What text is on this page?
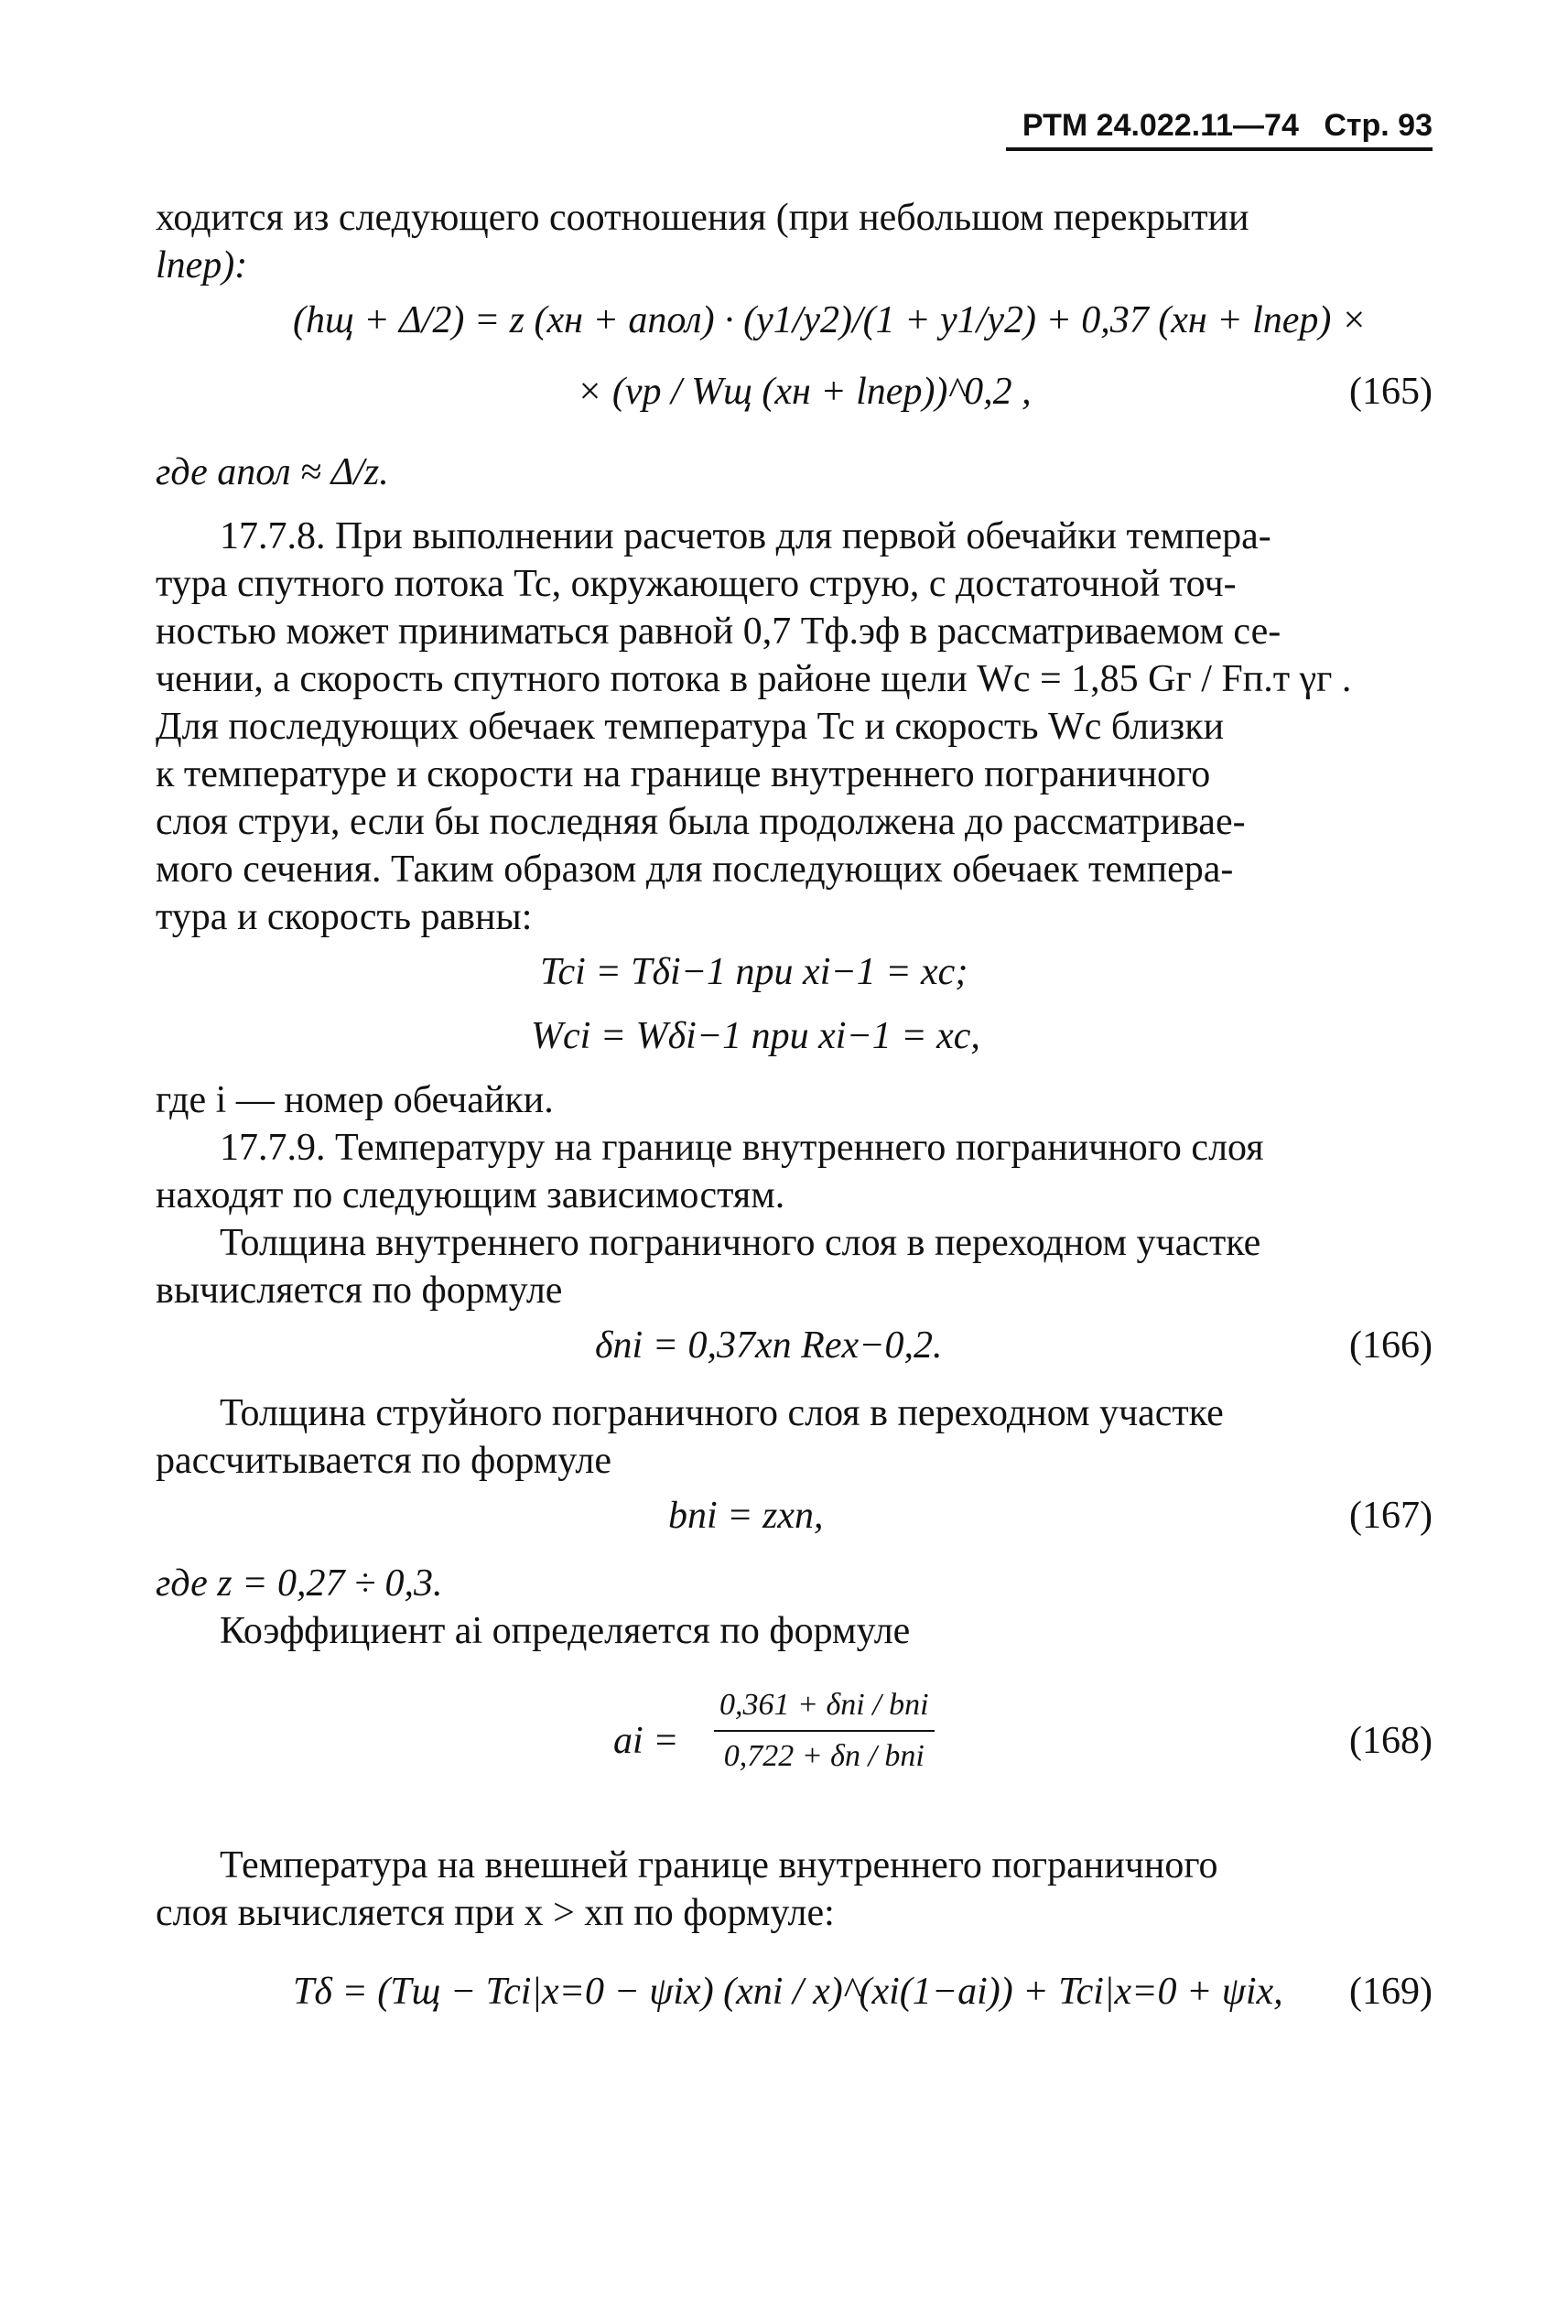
РТМ 24.022.11—74 Стр. 93

ходится из следующего соотношения (при небольшом перекрытии
lпер):

(hщ + Δ/2) = z (xн + aпол) · (y1/y2)/(1 + y1/y2) + 0,37 (xн + lпер) ×
× (νp / Wщ (xн + lпер))^0,2 ,	(165)

где aпол ≈ Δ/z.

17.7.8. При выполнении расчетов для первой обечайки темпера-
тура спутного потока Tc, окружающего струю, с достаточной точ-
ностью может приниматься равной 0,7 Tф.эф в рассматриваемом се-
чении, а скорость спутного потока в районе щели Wc = 1,85 Gг / Fп.т γг .
Для последующих обечаек температура Tc и скорость Wc близки
к температуре и скорости на границе внутреннего пограничного
слоя струи, если бы последняя была продолжена до рассматривае-
мого сечения. Таким образом для последующих обечаек темпера-
тура и скорость равны:

Tci = Tδi−1 при xi−1 = xc;
Wci = Wδi−1 при xi−1 = xc,

где i — номер обечайки.

17.7.9. Температуру на границе внутреннего пограничного слоя
находят по следующим зависимостям.

Толщина внутреннего пограничного слоя в переходном участке
вычисляется по формуле

δпi = 0,37xп Rex−0,2.	(166)

Толщина струйного пограничного слоя в переходном участке
рассчитывается по формуле

bпi = zxп,	(167)

где z = 0,27 ÷ 0,3.

Коэффициент ai определяется по формуле

ai = $\frac{\text{0,361 + δпi / bпi}}{\text{0,722 + δп / bпi}}$	(168)

Температура на внешней границе внутреннего пограничного
слоя вычисляется при x > xп по формуле:

Tδ = (Tщ − Tci|x=0 − ψix) (xпi / x)^(xi(1−ai)) + Tci|x=0 + ψix, (169)
